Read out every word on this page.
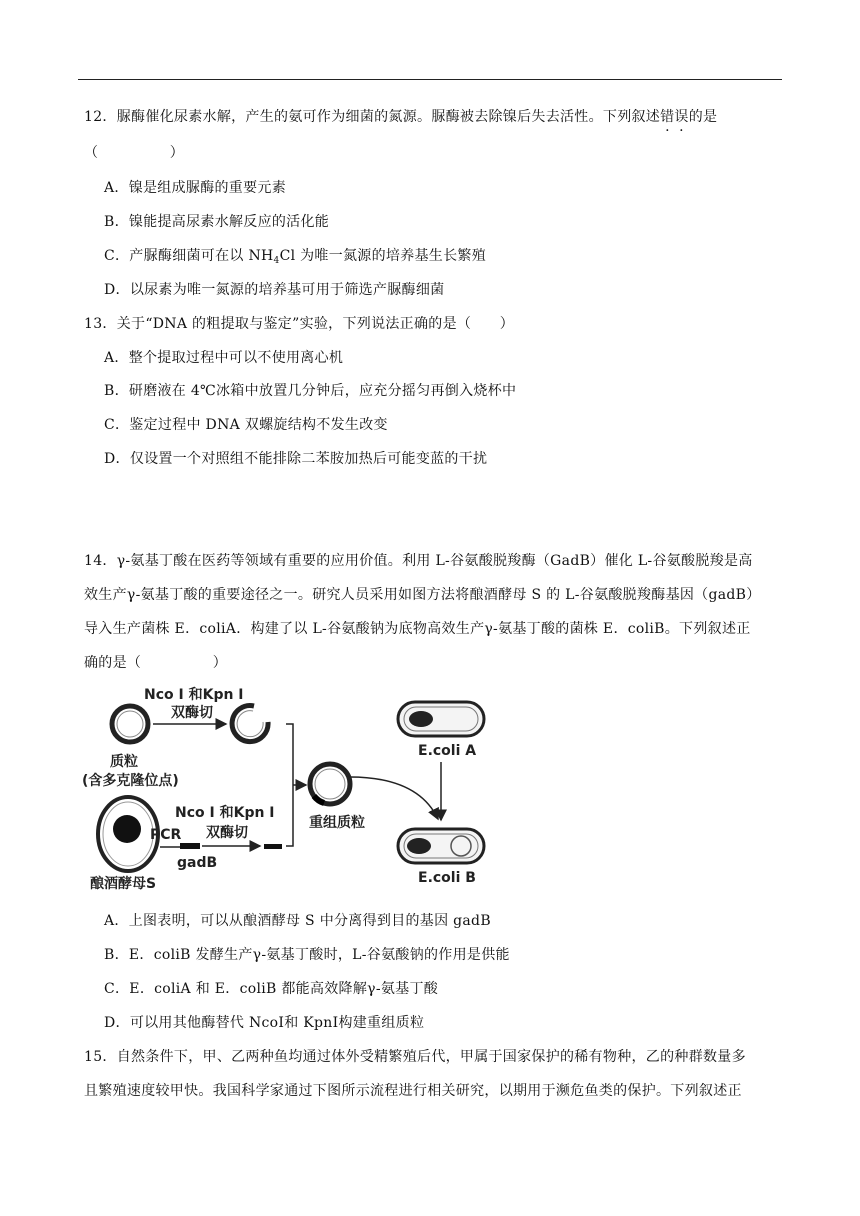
12．脲酶催化尿素水解，产生的氨可作为细菌的氮源。脲酶被去除镍后失去活性。下列叙述错误
· ·
的是
（　　　　　）
A．镍是组成脲酶的重要元素
B．镍能提高尿素水解反应的活化能
C．产脲酶细菌可在以 $NH_4Cl$ 为唯一氮源的培养基生长繁殖
D．以尿素为唯一氮源的培养基可用于筛选产脲酶细菌
13．关于“DNA 的粗提取与鉴定”实验，下列说法正确的是（　　）
A．整个提取过程中可以不使用离心机
B．研磨液在 4℃冰箱中放置几分钟后，应充分摇匀再倒入烧杯中
C．鉴定过程中 DNA 双螺旋结构不发生改变
D．仅设置一个对照组不能排除二苯胺加热后可能变蓝的干扰
14．γ-氨基丁酸在医药等领域有重要的应用价值。利用 L-谷氨酸脱羧酶（GadB）催化 L-谷氨酸脱羧是高
效生产γ-氨基丁酸的重要途径之一。研究人员采用如图方法将酿酒酵母 S 的 L-谷氨酸脱羧酶基因（gadB）
导入生产菌株 E．coliA．构建了以 L-谷氨酸钠为底物高效生产γ-氨基丁酸的菌株 E．coliB。下列叙述正
确的是（　　　　　）
Nco Ⅰ 和Kpn Ⅰ
双酶切
质粒
(含多克隆位点)
酿酒酵母S
PCR
gadB
Nco Ⅰ 和Kpn Ⅰ
双酶切
重组质粒
E.coli A
E.coli B
A．上图表明，可以从酿酒酵母 S 中分离得到目的基因 gadB
B．E．coliB 发酵生产γ-氨基丁酸时，L-谷氨酸钠的作用是供能
C．E．coliA 和 E．coliB 都能高效降解γ-氨基丁酸
D．可以用其他酶替代 NcoⅠ和 KpnⅠ构建重组质粒
15．自然条件下，甲、乙两种鱼均通过体外受精繁殖后代，甲属于国家保护的稀有物种，乙的种群数量多
且繁殖速度较甲快。我国科学家通过下图所示流程进行相关研究，以期用于濒危鱼类的保护。下列叙述正
